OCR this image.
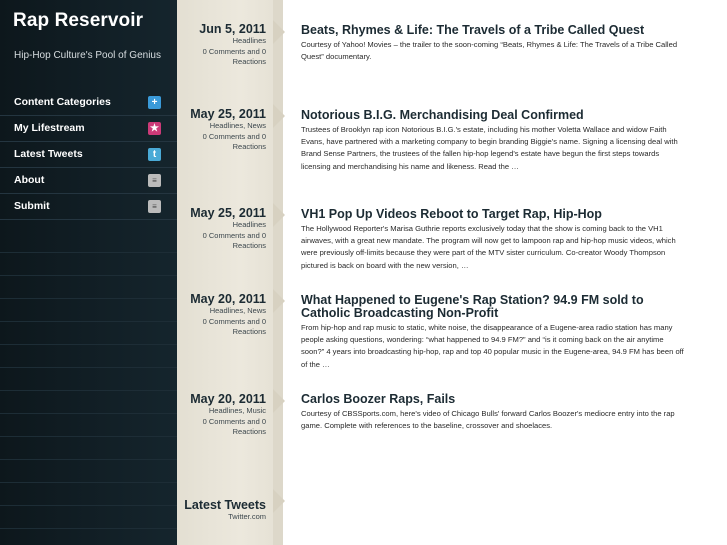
Rap Reservoir
Hip-Hop Culture's Pool of Genius
Content Categories	+
My Lifestream	★
Latest Tweets	t
About	≡
Submit	≡
Jun 5, 2011
Headlines
0 Comments and 0
Reactions
Beats, Rhymes & Life: The Travels of a Tribe Called Quest
Courtesy of Yahoo! Movies – the trailer to the soon-coming “Beats, Rhymes & Life: The Travels of a Tribe Called Quest” documentary.
May 25, 2011
Headlines, News
0 Comments and 0
Reactions
Notorious B.I.G. Merchandising Deal Confirmed
Trustees of Brooklyn rap icon Notorious B.I.G.'s estate, including his mother Voletta Wallace and widow Faith Evans, have partnered with a marketing company to begin branding Biggie's name. Signing a licensing deal with Brand Sense Partners, the trustees of the fallen hip-hop legend's estate have begun the first steps towards licensing and merchandising his name and likeness. Read the …
May 25, 2011
Headlines
0 Comments and 0
Reactions
VH1 Pop Up Videos Reboot to Target Rap, Hip-Hop
The Hollywood Reporter's Marisa Guthrie reports exclusively today that the show is coming back to the VH1 airwaves, with a great new mandate. The program will now get to lampoon rap and hip-hop music videos, which were previously off-limits because they were part of the MTV sister curriculum. Co-creator Woody Thompson pictured is back on board with the new version, …
May 20, 2011
Headlines, News
0 Comments and 0
Reactions
What Happened to Eugene's Rap Station? 94.9 FM sold to Catholic Broadcasting Non-Profit
From hip-hop and rap music to static, white noise, the disappearance of a Eugene-area radio station has many people asking questions, wondering: “what happened to 94.9 FM?” and “is it coming back on the air anytime soon?” 4 years into broadcasting hip-hop, rap and top 40 popular music in the Eugene-area, 94.9 FM has been off of the …
May 20, 2011
Headlines, Music
0 Comments and 0
Reactions
Carlos Boozer Raps, Fails
Courtesy of CBSSports.com, here's video of Chicago Bulls' forward Carlos Boozer's mediocre entry into the rap game. Complete with references to the baseline, crossover and shoelaces.
Latest Tweets
Twitter.com
